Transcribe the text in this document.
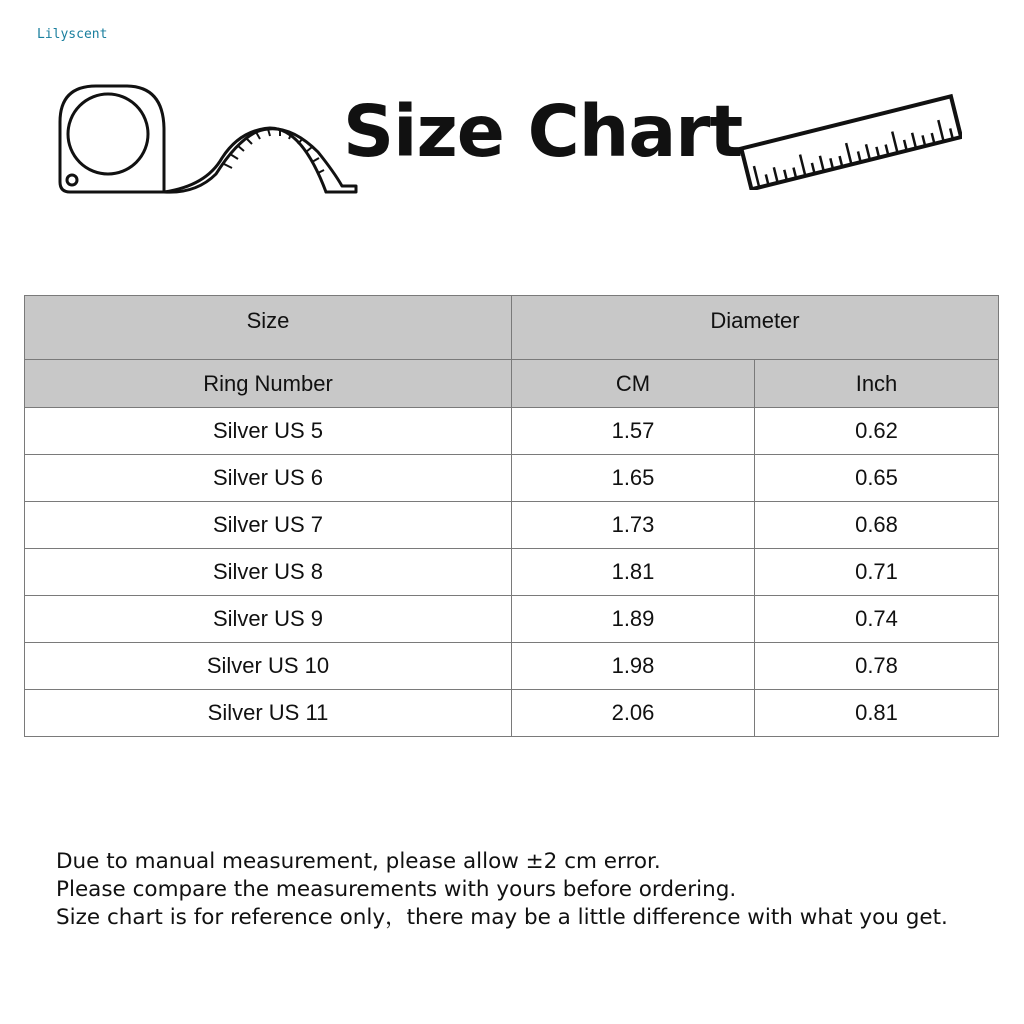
Lilyscent
Size Chart
Size	Diameter	
Ring Number	CM	Inch
Silver US 5	1.57	0.62
Silver US 6	1.65	0.65
Silver US 7	1.73	0.68
Silver US 8	1.81	0.71
Silver US 9	1.89	0.74
Silver US 10	1.98	0.78
Silver US 11	2.06	0.81
Due to manual measurement, please allow ±2 cm error.
Please compare the measurements with yours before ordering.
Size chart is for reference only，there may be a little difference with what you get.
